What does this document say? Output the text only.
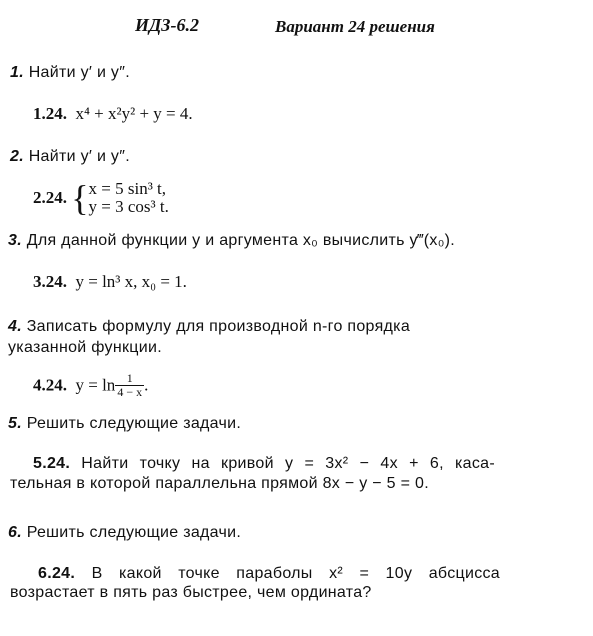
ИДЗ-6.2	Вариант 24 решения
1. Найти y′ и y″.
1.24. x⁴ + x²y² + y = 4.
2. Найти y′ и y″.
2.24. { x = 5 sin³ t,
y = 3 cos³ t.
3. Для данной функции y и аргумента x₀ вычислить y‴(x₀).
3.24. y = ln³ x, x₀ = 1.
4. Записать формулу для производной n-го порядка
указанной функции.
4.24. $y = \ln \frac{1}{4 - x}$ .
5. Решить следующие задачи.
5.24. Найти точку на кривой y = 3x² − 4x + 6, каса-
тельная в которой параллельна прямой 8x − y − 5 = 0.
6. Решить следующие задачи.
6.24. В какой точке параболы x² = 10y абсцисса
возрастает в пять раз быстрее, чем ордината?
